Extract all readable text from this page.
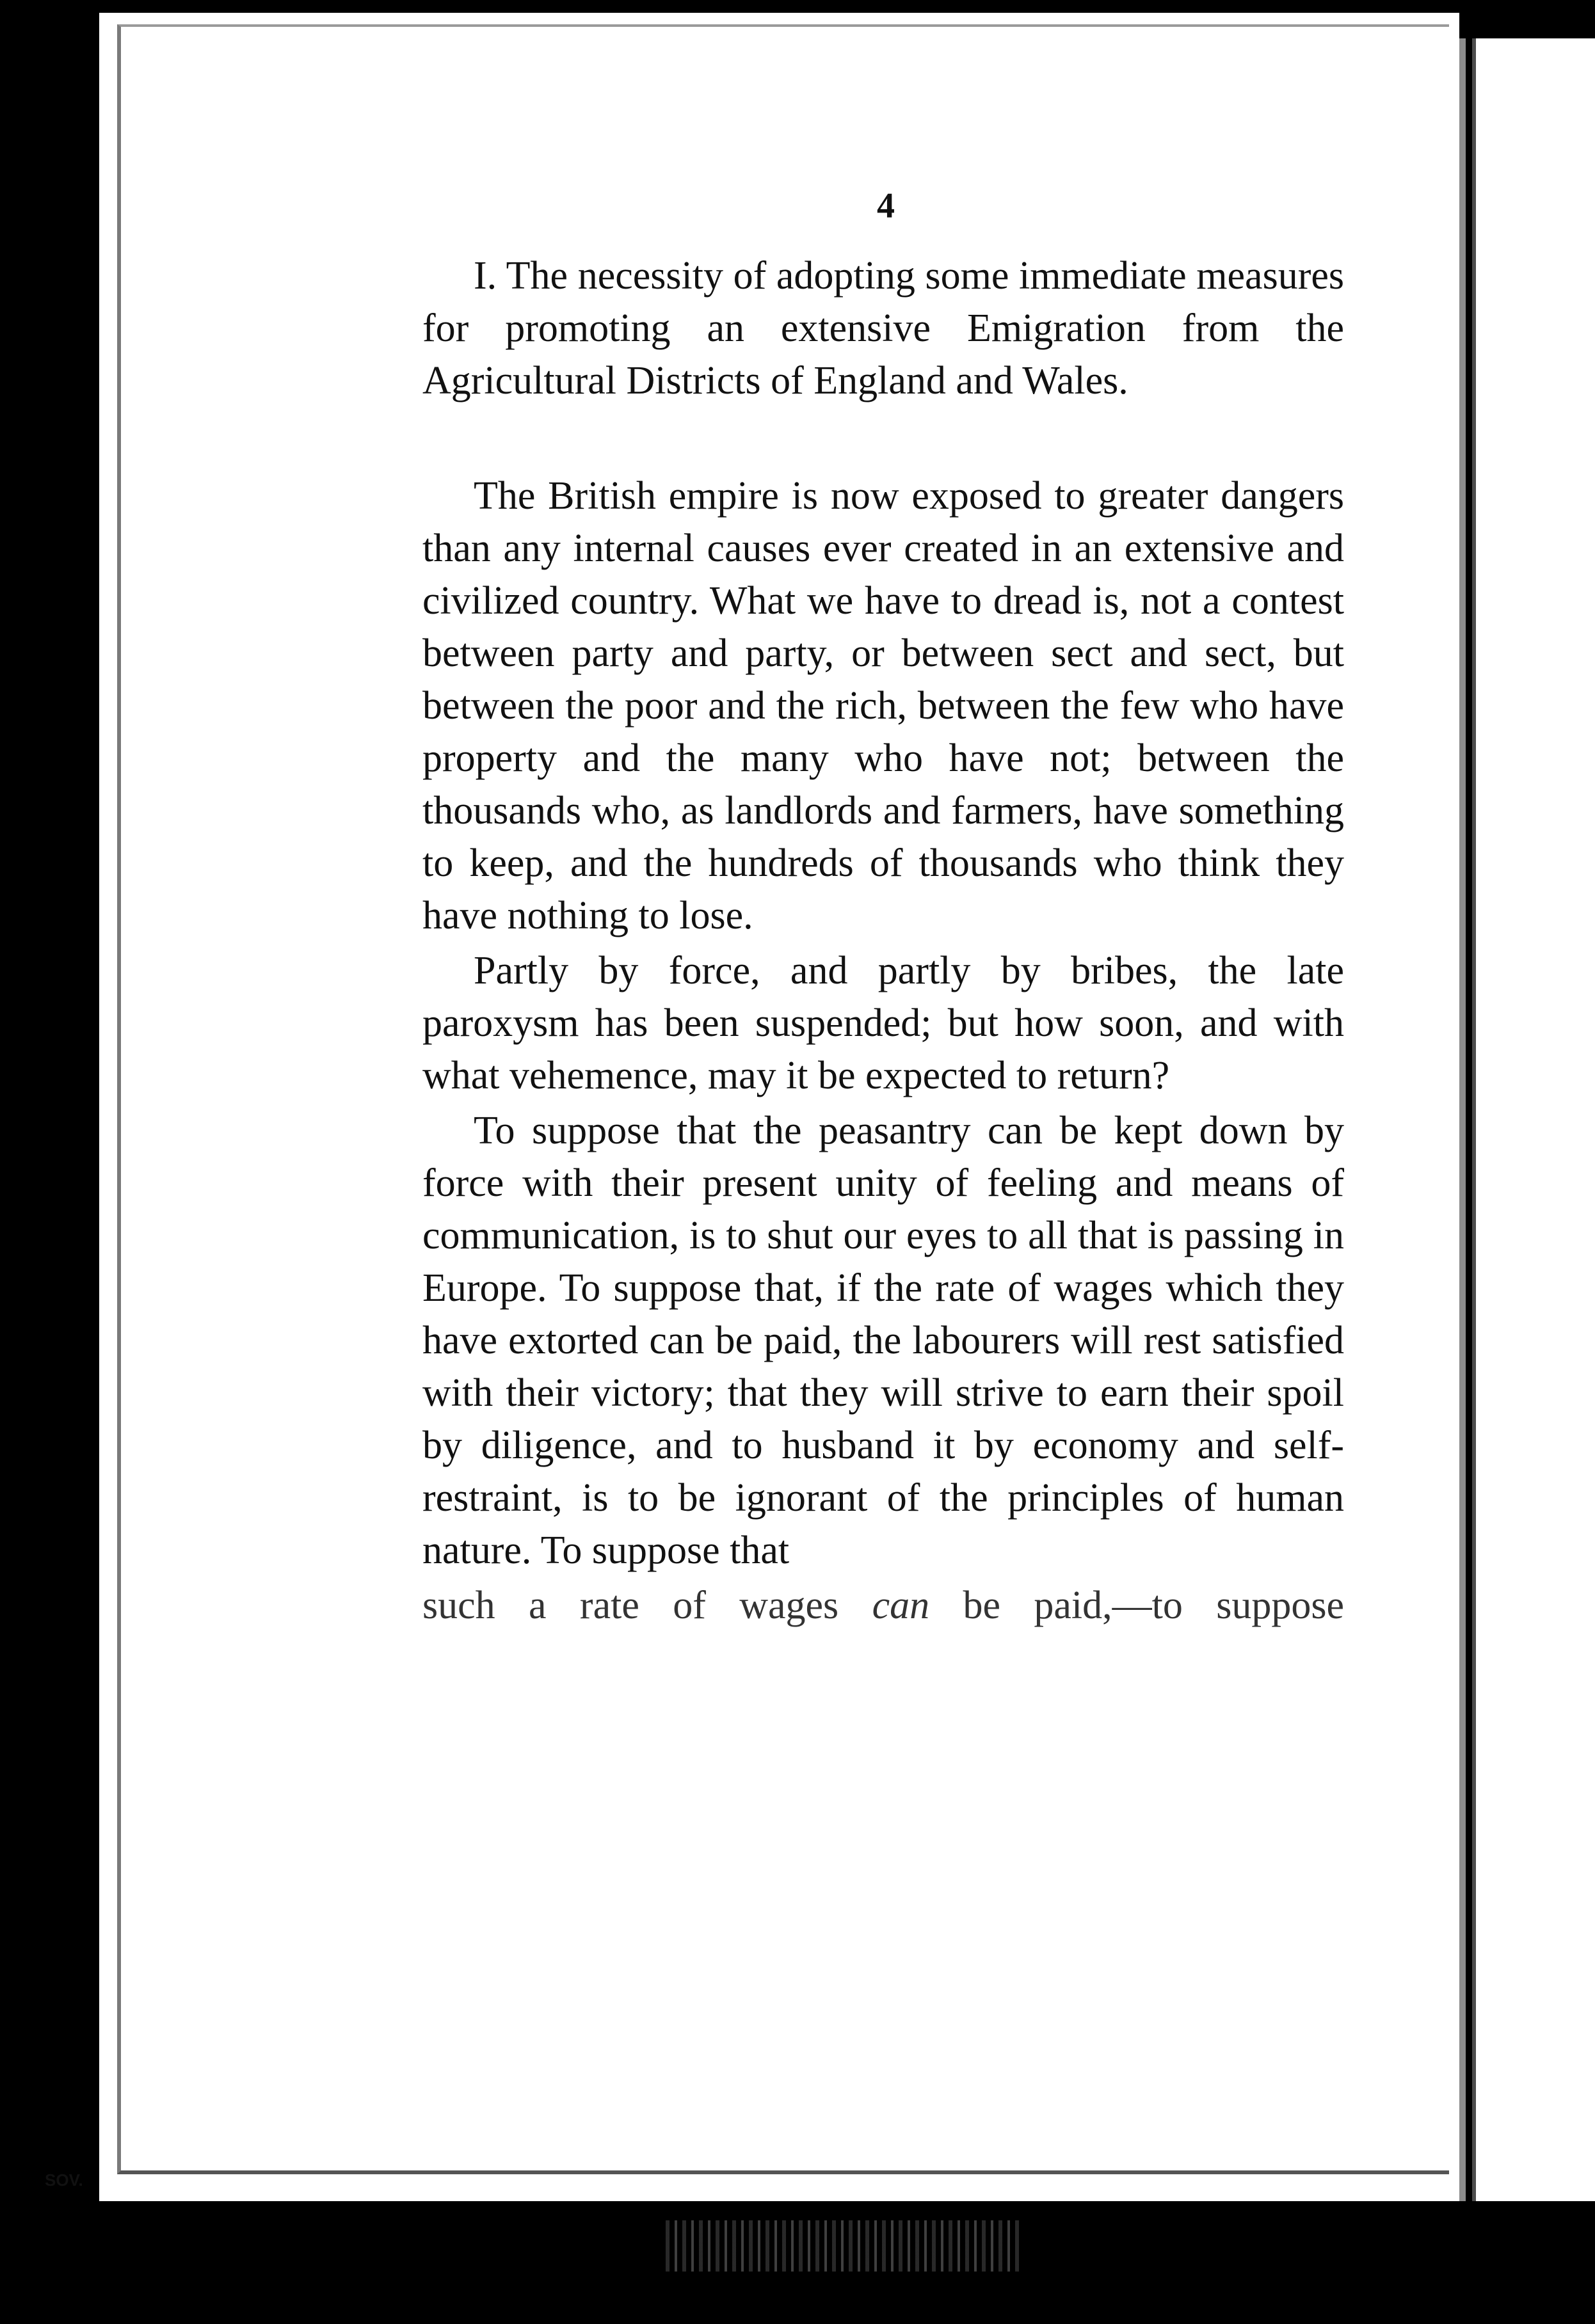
SOV.
4

I. The necessity of adopting some immediate measures for promoting an extensive Emigration from the Agricultural Districts of England and Wales.

The British empire is now exposed to greater dangers than any internal causes ever created in an extensive and civilized country. What we have to dread is, not a contest between party and party, or between sect and sect, but between the poor and the rich, between the few who have property and the many who have not; between the thousands who, as landlords and farmers, have something to keep, and the hundreds of thousands who think they have nothing to lose.

Partly by force, and partly by bribes, the late paroxysm has been suspended; but how soon, and with what vehemence, may it be expected to return?

To suppose that the peasantry can be kept down by force with their present unity of feeling and means of communication, is to shut our eyes to all that is passing in Europe. To suppose that, if the rate of wages which they have extorted can be paid, the labourers will rest satisfied with their victory; that they will strive to earn their spoil by diligence, and to husband it by economy and self-restraint, is to be ignorant of the principles of human nature. To suppose that

such a rate of wages can be paid,—to suppose
